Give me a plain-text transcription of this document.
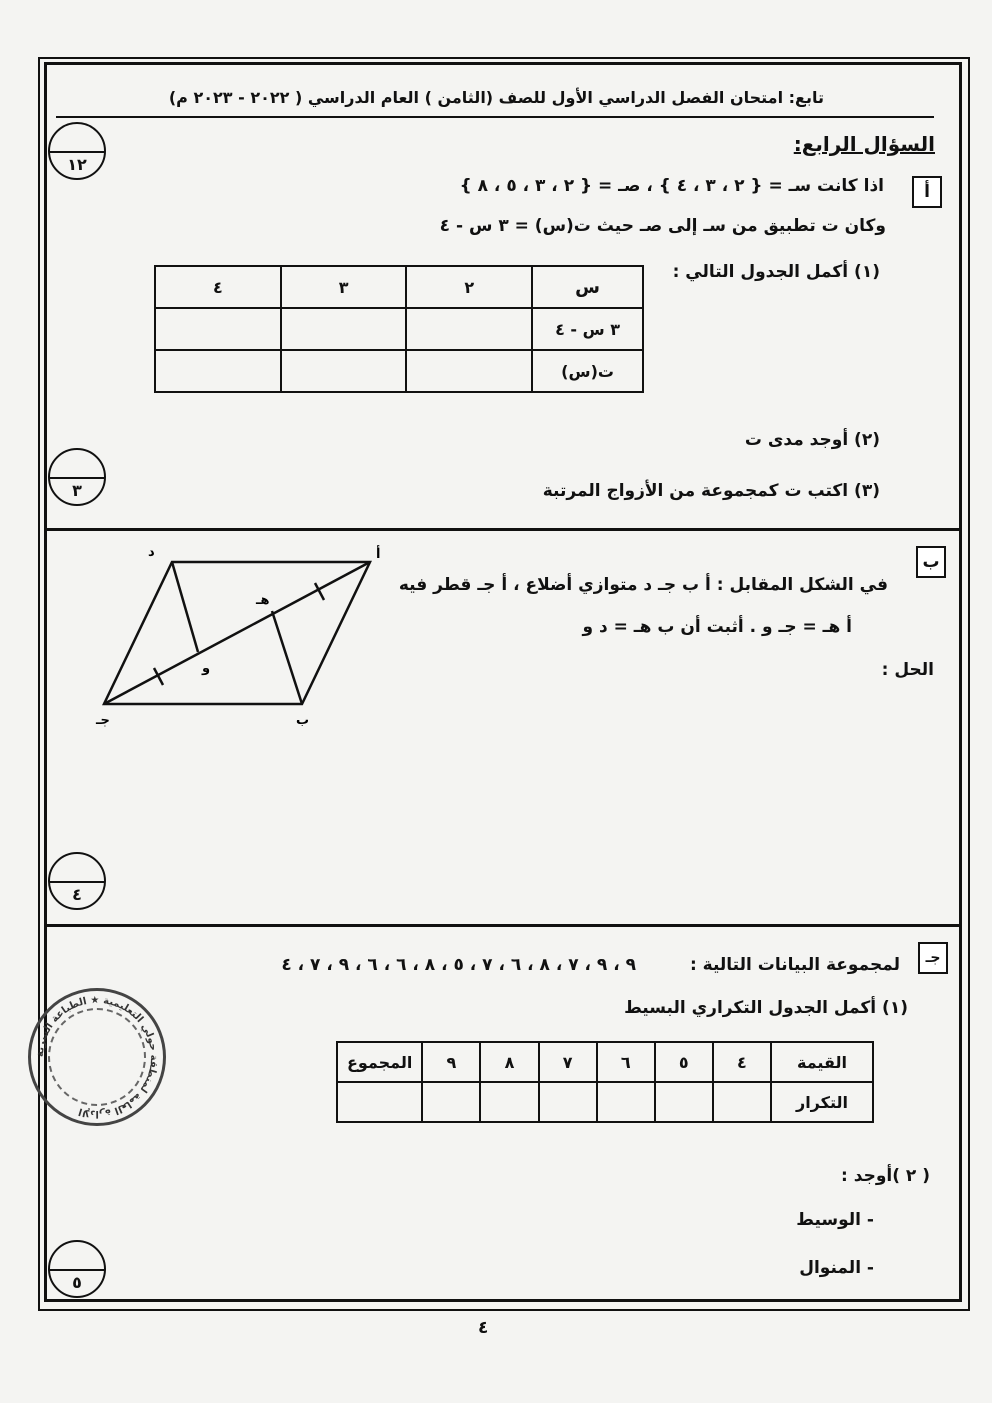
تابع: امتحان الفصل الدراسي الأول للصف (الثامن ) العام الدراسي ( ٢٠٢٢ - ٢٠٢٣ م)
١٢
٣
٤
٥
السؤال الرابع:
أ
اذا كانت سـ = { ٢ ، ٣ ، ٤ } ، صـ = { ٢ ، ٣ ، ٥ ، ٨ }
وكان ت تطبيق من سـ إلى صـ حيث ت(س) = ٣ س - ٤
(١) أكمل الجدول التالي :
س	٢	٣	٤
٣ س - ٤			
ت(س)			
(٢) أوجد مدى ت
(٣) اكتب ت كمجموعة من الأزواج المرتبة
ب
في الشكل المقابل : أ ب جـ د متوازي أضلاع ، أ جـ قطر فيه
أ هـ = جـ و . أثبت أن ب هـ = د و
الحل :
د	أ
ب
جـ
هـ
و
جـ
لمجموعة البيانات التالية :
٩ ، ٩ ، ٧ ، ٨ ، ٦ ، ٧ ، ٥ ، ٨ ، ٦ ، ٦ ، ٩ ، ٧ ، ٤
(١) أكمل الجدول التكراري البسيط
القيمة	٤	٥	٦	٧	٨	٩	المجموع
التكرار							
( ٢ )أوجد :
- الوسيط
- المنوال
الإدارة العامة لمنطقة حولي التعليمية ★ الطباعة السرية
٤
